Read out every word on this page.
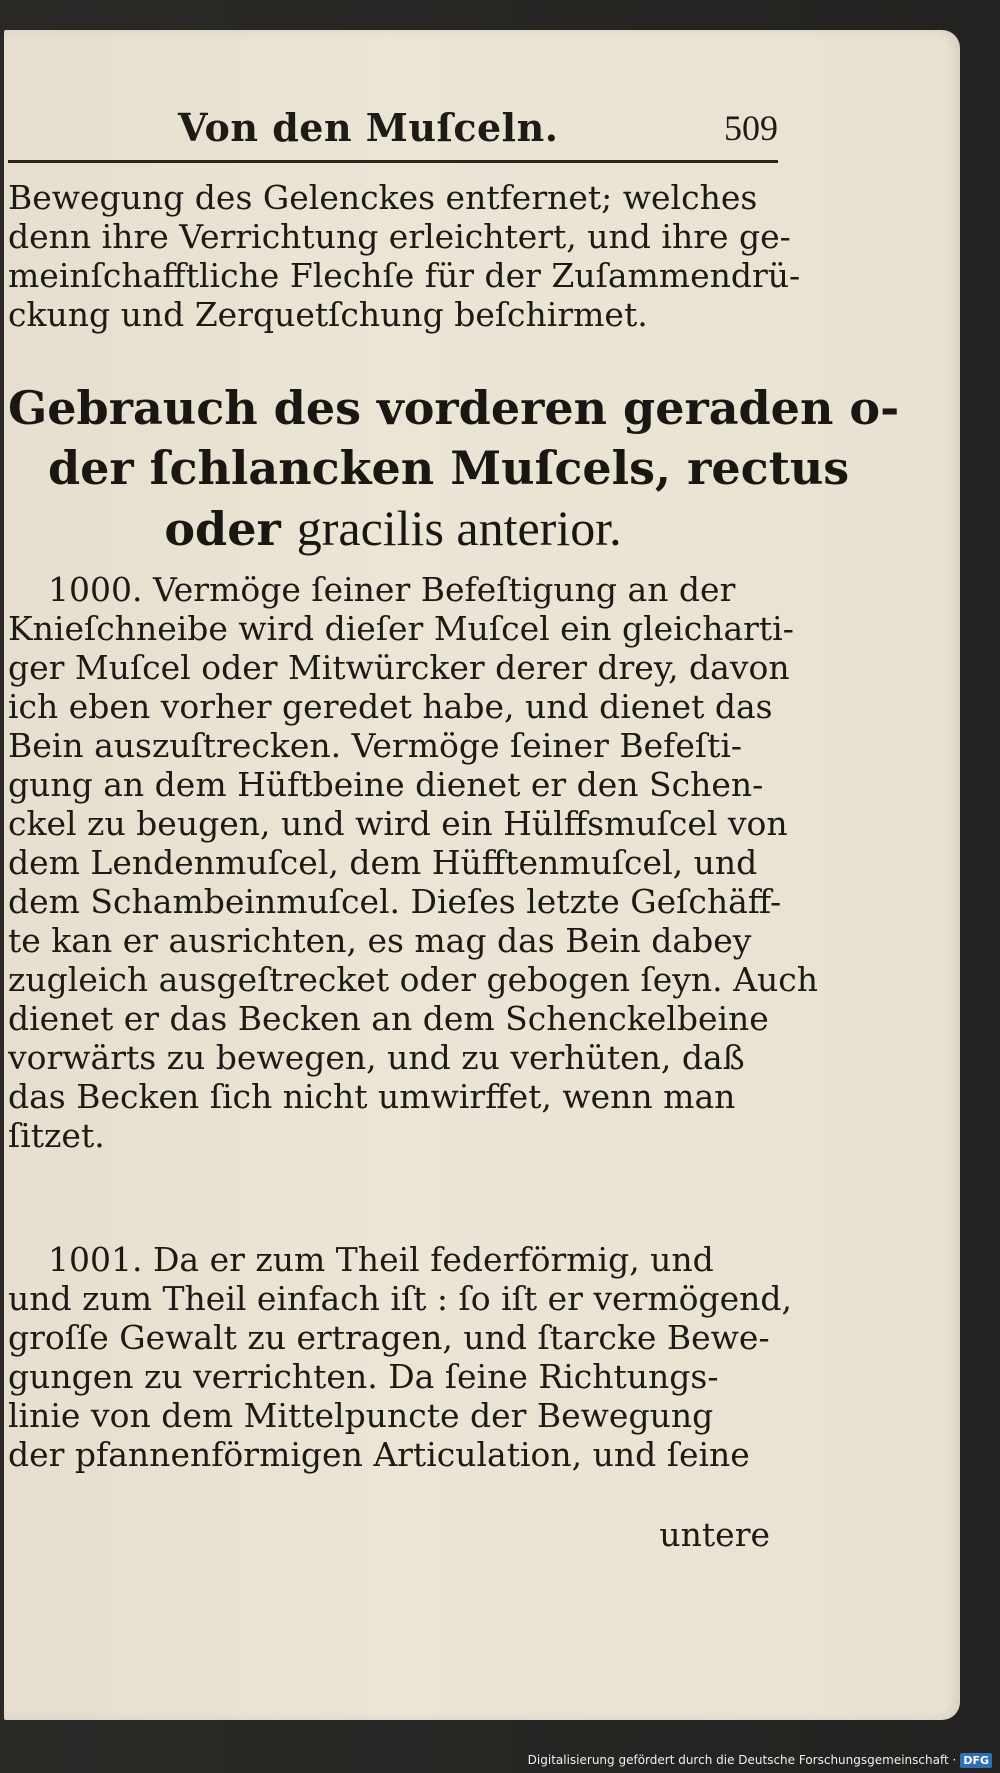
Von den Muſceln.	509
Bewegung des Gelenckes entfernet; welches
denn ihre Verrichtung erleichtert, und ihre ge-
meinſchafftliche Flechſe für der Zuſammendrü-
ckung und Zerquetſchung beſchirmet.
Gebrauch des vorderen geraden o-
der ſchlancken Muſcels, rectus
oder gracilis anterior.
1000. Vermöge ſeiner Befeſtigung an der
Knieſchneibe wird dieſer Muſcel ein gleicharti-
ger Muſcel oder Mitwürcker derer drey, davon
ich eben vorher geredet habe, und dienet das
Bein auszuſtrecken. Vermöge ſeiner Befeſti-
gung an dem Hüftbeine dienet er den Schen-
ckel zu beugen, und wird ein Hülffsmuſcel von
dem Lendenmuſcel, dem Hüfftenmuſcel, und
dem Schambeinmuſcel. Dieſes letzte Geſchäff-
te kan er ausrichten, es mag das Bein dabey
zugleich ausgeſtrecket oder gebogen ſeyn. Auch
dienet er das Becken an dem Schenckelbeine
vorwärts zu bewegen, und zu verhüten, daß
das Becken ſich nicht umwirffet, wenn man
ſitzet.
1001. Da er zum Theil federförmig, und
und zum Theil einfach iſt : ſo iſt er vermögend,
groſſe Gewalt zu ertragen, und ſtarcke Bewe-
gungen zu verrichten. Da ſeine Richtungs-
linie von dem Mittelpuncte der Bewegung
der pfannenförmigen Articulation, und ſeine
untere
Digitalisierung gefördert durch die Deutsche Forschungsgemeinschaft · DFG
